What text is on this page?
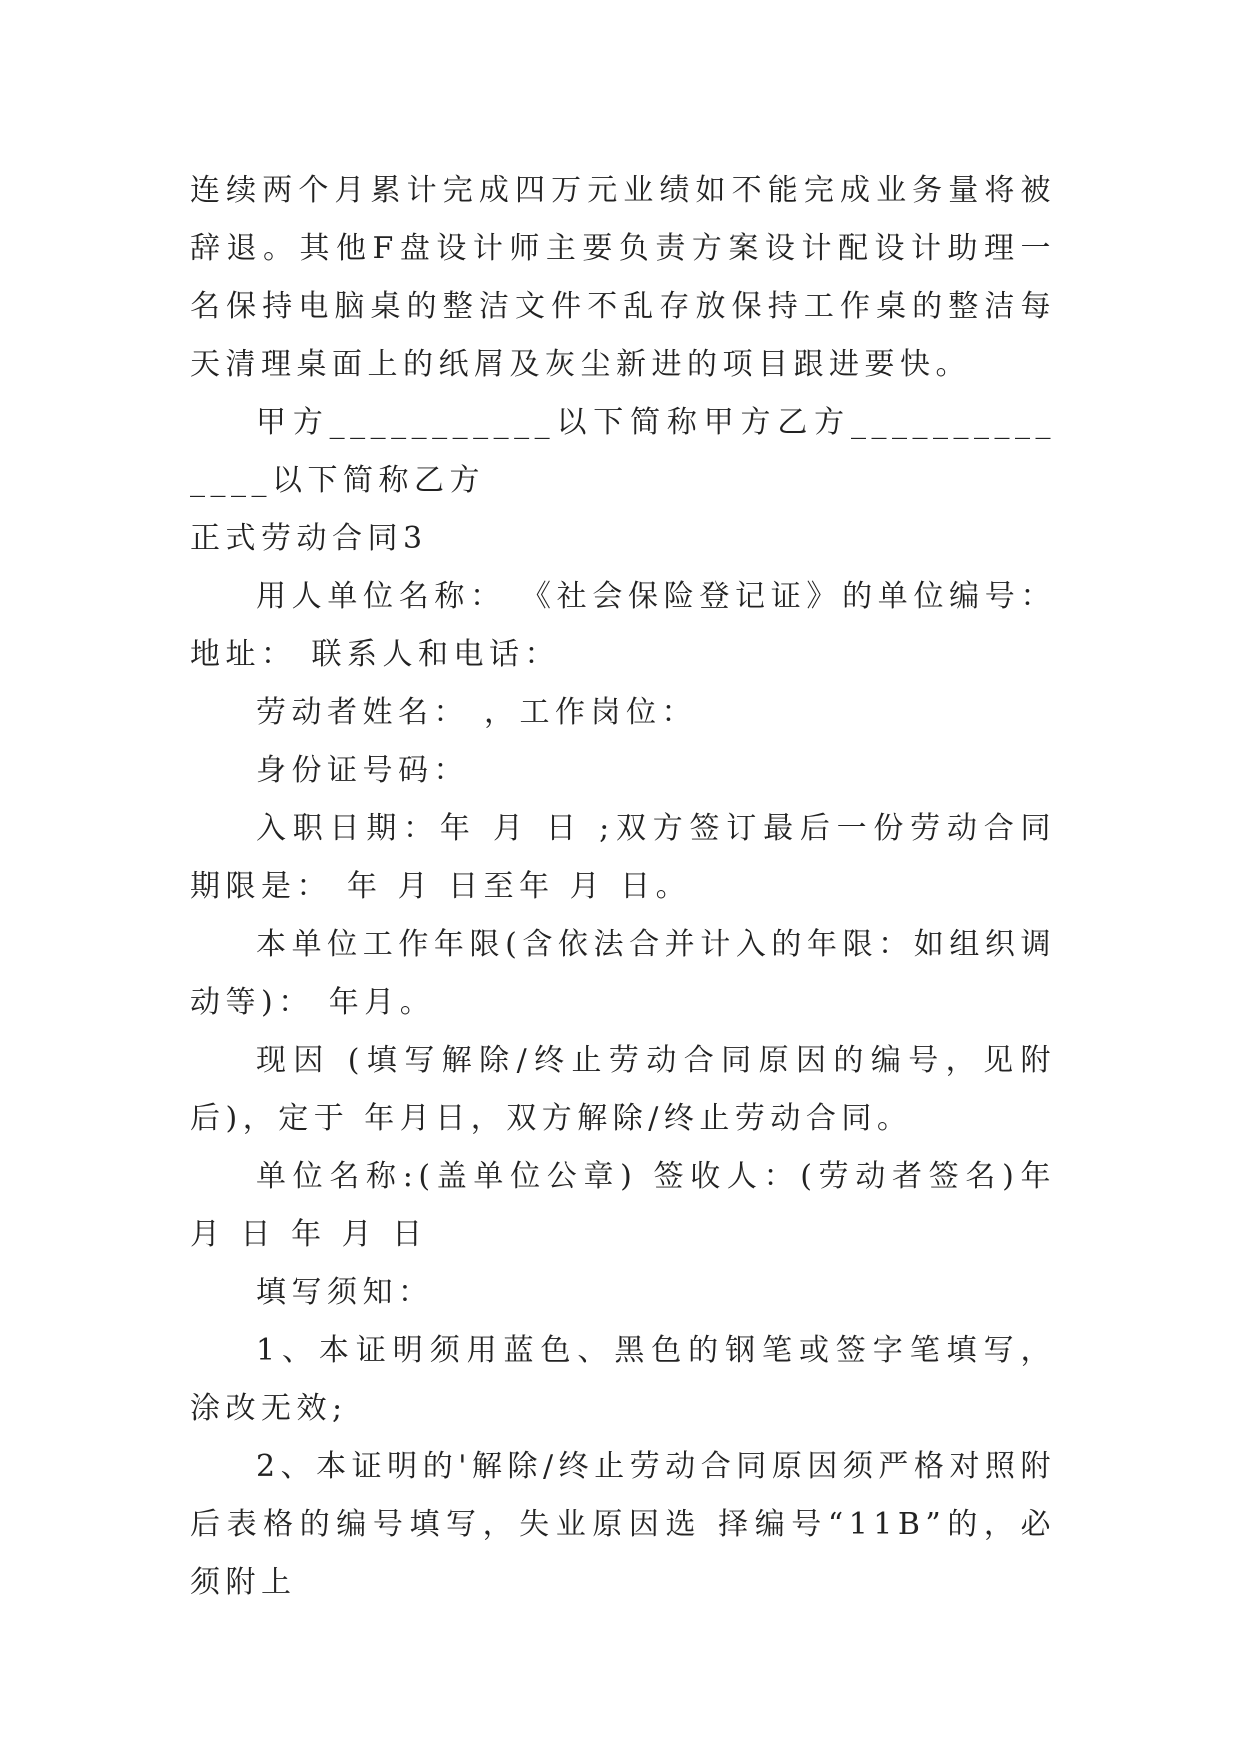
连续两个月累计完成四万元业绩如不能完成业务量将被辞退。其他F盘设计师主要负责方案设计配设计助理一名保持电脑桌的整洁文件不乱存放保持工作桌的整洁每天清理桌面上的纸屑及灰尘新进的项目跟进要快。

甲方___________以下简称甲方乙方______________以下简称乙方

正式劳动合同3

用人单位名称： 《社会保险登记证》的单位编号： 地址： 联系人和电话：

劳动者姓名： ，工作岗位：

身份证号码：

入职日期：年 月 日 ;双方签订最后一份劳动合同期限是： 年 月 日至年 月 日。

本单位工作年限(含依法合并计入的年限：如组织调动等)： 年月。

现因 (填写解除/终止劳动合同原因的编号，见附后)，定于 年月日，双方解除/终止劳动合同。

单位名称:(盖单位公章) 签收人：(劳动者签名)年 月 日 年 月 日

填写须知：

1、本证明须用蓝色、黑色的钢笔或签字笔填写，涂改无效;

2、本证明的'解除/终止劳动合同原因须严格对照附后表格的编号填写，失业原因选 择编号“11B”的，必须附上
